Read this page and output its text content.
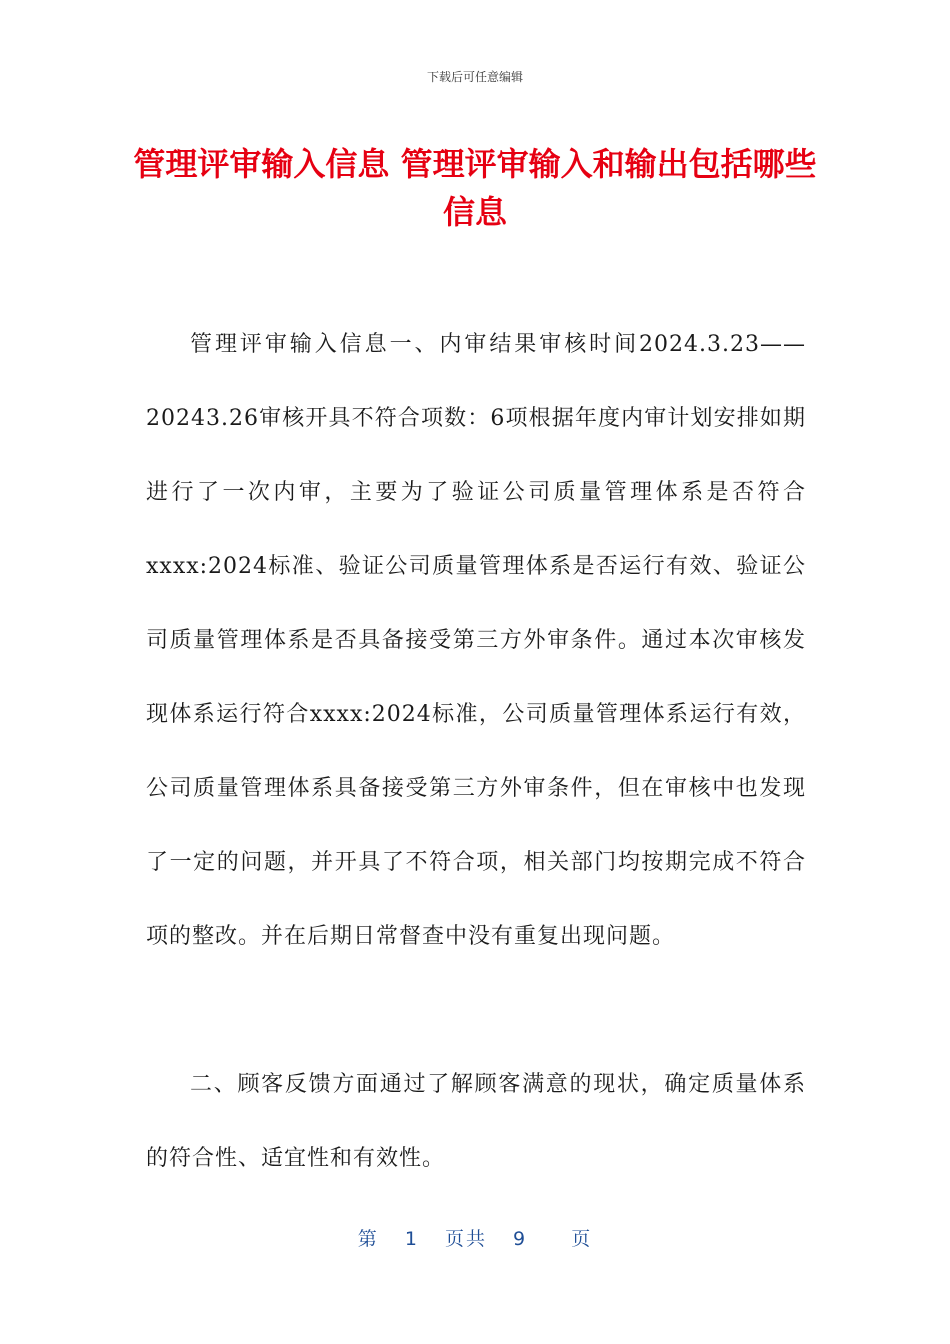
下载后可任意编辑
管理评审输入信息 管理评审输入和输出包括哪些信息

管理评审输入信息一、内审结果审核时间2024.3.23——20243.26审核开具不符合项数：6项根据年度内审计划安排如期进行了一次内审，主要为了验证公司质量管理体系是否符合xxxx:2024标准、验证公司质量管理体系是否运行有效、验证公司质量管理体系是否具备接受第三方外审条件。通过本次审核发现体系运行符合xxxx:2024标准，公司质量管理体系运行有效，公司质量管理体系具备接受第三方外审条件，但在审核中也发现了一定的问题，并开具了不符合项，相关部门均按期完成不符合项的整改。并在后期日常督查中没有重复出现问题。

二、顾客反馈方面通过了解顾客满意的现状，确定质量体系的符合性、适宜性和有效性。

第 1 页共 9 页
